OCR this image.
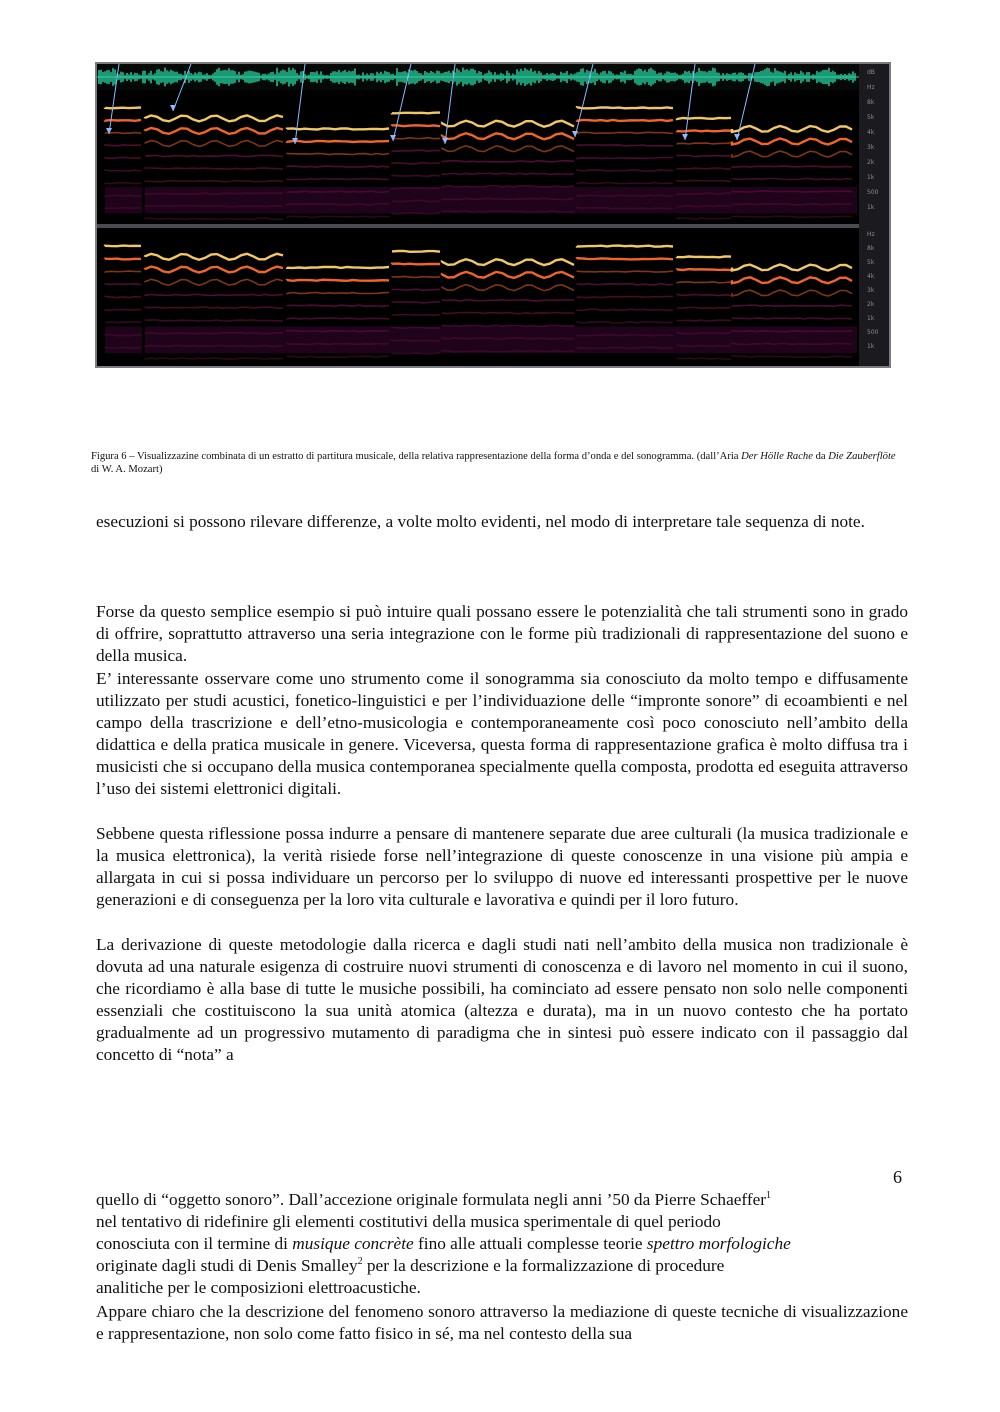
dB
Hz
8k
5k
4k
3k
2k
1k
500
1k
Hz
8k
5k
4k
3k
2k
1k
500
1k
Figura 6 – Visualizzazine combinata di un estratto di partitura musicale, della relativa rappresentazione della forma d’onda e del sonogramma. (dall’Aria Der Hölle Rache da Die Zauberflöte di W. A. Mozart)

esecuzioni si possono rilevare differenze, a volte molto evidenti, nel modo di interpretare tale sequenza di note.

Forse da questo semplice esempio si può intuire quali possano essere le potenzialità che tali strumenti sono in grado di offrire, soprattutto attraverso una seria integrazione con le forme più tradizionali di rappresentazione del suono e della musica.

E’ interessante osservare come uno strumento come il sonogramma sia conosciuto da molto tempo e diffusamente utilizzato per studi acustici, fonetico-linguistici e per l’individuazione delle “impronte sonore” di ecoambienti e nel campo della trascrizione e dell’etno-musicologia e contemporaneamente così poco conosciuto nell’ambito della didattica e della pratica musicale in genere. Viceversa, questa forma di rappresentazione grafica è molto diffusa tra i musicisti che si occupano della musica contemporanea specialmente quella composta, prodotta ed eseguita attraverso l’uso dei sistemi elettronici digitali.

Sebbene questa riflessione possa indurre a pensare di mantenere separate due aree culturali (la musica tradizionale e la musica elettronica), la verità risiede forse nell’integrazione di queste conoscenze in una visione più ampia e allargata in cui si possa individuare un percorso per lo sviluppo di nuove ed interessanti prospettive per le nuove generazioni e di conseguenza per la loro vita culturale e lavorativa e quindi per il loro futuro.

La derivazione di queste metodologie dalla ricerca e dagli studi nati nell’ambito della musica non tradizionale è dovuta ad una naturale esigenza di costruire nuovi strumenti di conoscenza e di lavoro nel momento in cui il suono, che ricordiamo è alla base di tutte le musiche possibili, ha cominciato ad essere pensato non solo nelle componenti essenziali che costituiscono la sua unità atomica (altezza e durata), ma in un nuovo contesto che ha portato gradualmente ad un progressivo mutamento di paradigma che in sintesi può essere indicato con il passaggio dal concetto di “nota” a

6
quello di “oggetto sonoro”. Dall’accezione originale formulata negli anni ’50 da Pierre Schaeffer$^1$
nel tentativo di ridefinire gli elementi costitutivi della musica sperimentale di quel periodo
conosciuta con il termine di musique concrète fino alle attuali complesse teorie spettro morfologiche
originate dagli studi di Denis Smalley$^2$ per la descrizione e la formalizzazione di procedure
analitiche per le composizioni elettroacustiche.

Appare chiaro che la descrizione del fenomeno sonoro attraverso la mediazione di queste tecniche di visualizzazione e rappresentazione, non solo come fatto fisico in sé, ma nel contesto della sua
